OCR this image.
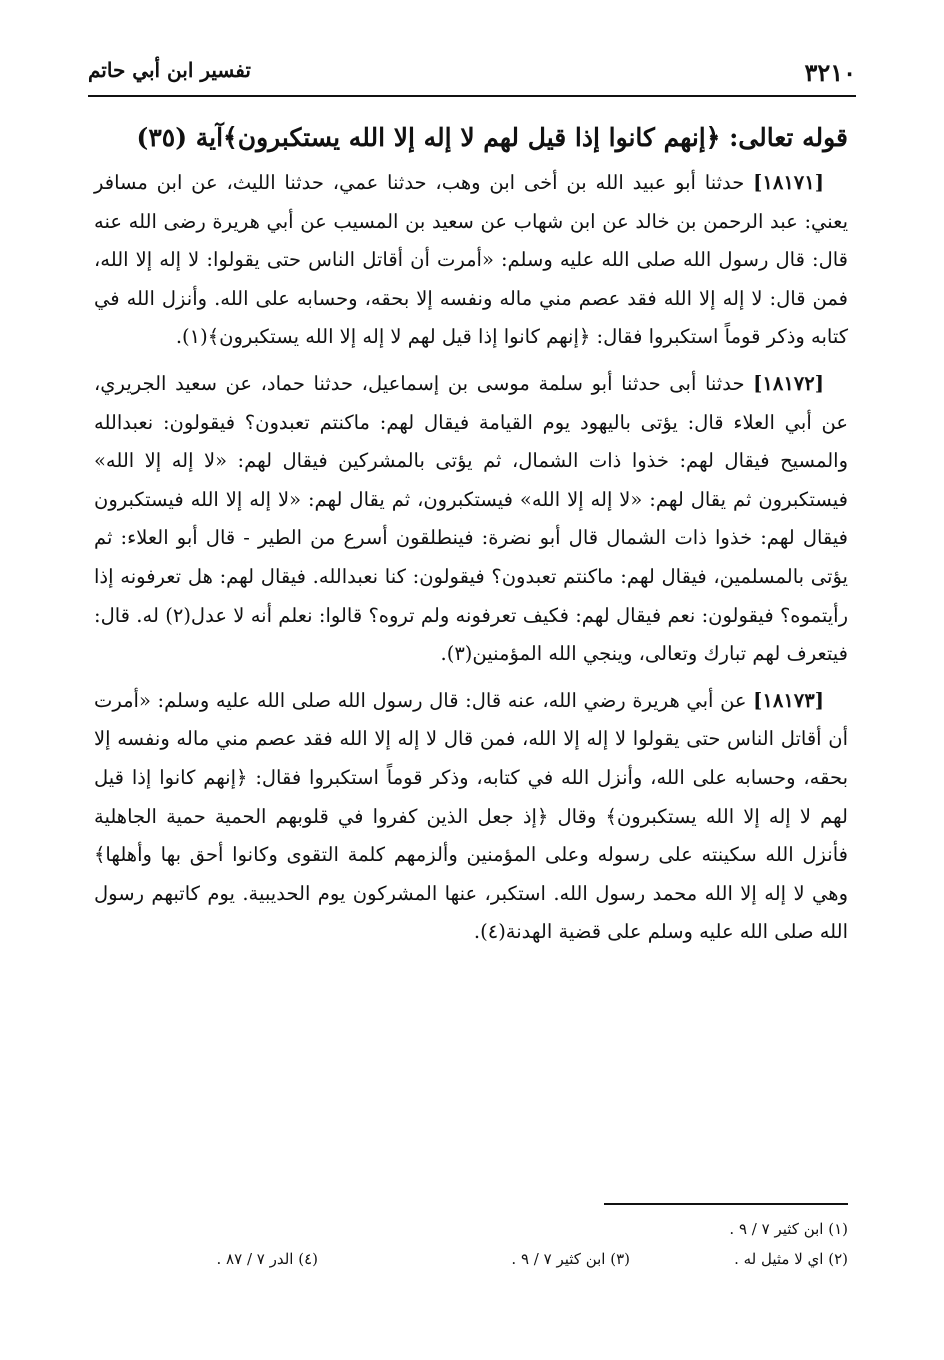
٣٢١٠
تفسير ابن أبي حاتم

قوله تعالى: ﴿إنهم كانوا إذا قيل لهم لا إله إلا الله يستكبرون﴾آية (٣٥)

[١٨١٧١] حدثنا أبو عبيد الله بن أخى ابن وهب، حدثنا عمي، حدثنا الليث، عن ابن مسافر يعني: عبد الرحمن بن خالد عن ابن شهاب عن سعيد بن المسيب عن أبي هريرة رضى الله عنه قال: قال رسول الله صلى الله عليه وسلم: «أمرت أن أقاتل الناس حتى يقولوا: لا إله إلا الله، فمن قال: لا إله إلا الله فقد عصم مني ماله ونفسه إلا بحقه، وحسابه على الله. وأنزل الله في كتابه وذكر قوماً استكبروا فقال: ﴿إنهم كانوا إذا قيل لهم لا إله إلا الله يستكبرون﴾(١).

[١٨١٧٢] حدثنا أبى حدثنا أبو سلمة موسى بن إسماعيل، حدثنا حماد، عن سعيد الجريري، عن أبي العلاء قال: يؤتى باليهود يوم القيامة فيقال لهم: ماكنتم تعبدون؟ فيقولون: نعبدالله والمسيح فيقال لهم: خذوا ذات الشمال، ثم يؤتى بالمشركين فيقال لهم: «لا إله إلا الله» فيستكبرون ثم يقال لهم: «لا إله إلا الله» فيستكبرون، ثم يقال لهم: «لا إله إلا الله فيستكبرون فيقال لهم: خذوا ذات الشمال قال أبو نضرة: فينطلقون أسرع من الطير - قال أبو العلاء: ثم يؤتى بالمسلمين، فيقال لهم: ماكنتم تعبدون؟ فيقولون: كنا نعبدالله. فيقال لهم: هل تعرفونه إذا رأيتموه؟ فيقولون: نعم فيقال لهم: فكيف تعرفونه ولم تروه؟ قالوا: نعلم أنه لا عدل(٢) له. قال: فيتعرف لهم تبارك وتعالى، وينجي الله المؤمنين(٣).

[١٨١٧٣] عن أبي هريرة رضي الله، عنه قال: قال رسول الله صلى الله عليه وسلم: «أمرت أن أقاتل الناس حتى يقولوا لا إله إلا الله، فمن قال لا إله إلا الله فقد عصم مني ماله ونفسه إلا بحقه، وحسابه على الله، وأنزل الله في كتابه، وذكر قوماً استكبروا فقال: ﴿إنهم كانوا إذا قيل لهم لا إله إلا الله يستكبرون﴾ وقال ﴿إذ جعل الذين كفروا في قلوبهم الحمية حمية الجاهلية فأنزل الله سكينته على رسوله وعلى المؤمنين وألزمهم كلمة التقوى وكانوا أحق بها وأهلها﴾ وهي لا إله إلا الله محمد رسول الله. استكبر، عنها المشركون يوم الحديبية. يوم كاتبهم رسول الله صلى الله عليه وسلم على قضية الهدنة(٤).

(١) ابن كثير ٧ / ٩ .
(٢) اي لا مثيل له .
(٣) ابن كثير ٧ / ٩ .
(٤) الدر ٧ / ٨٧ .
